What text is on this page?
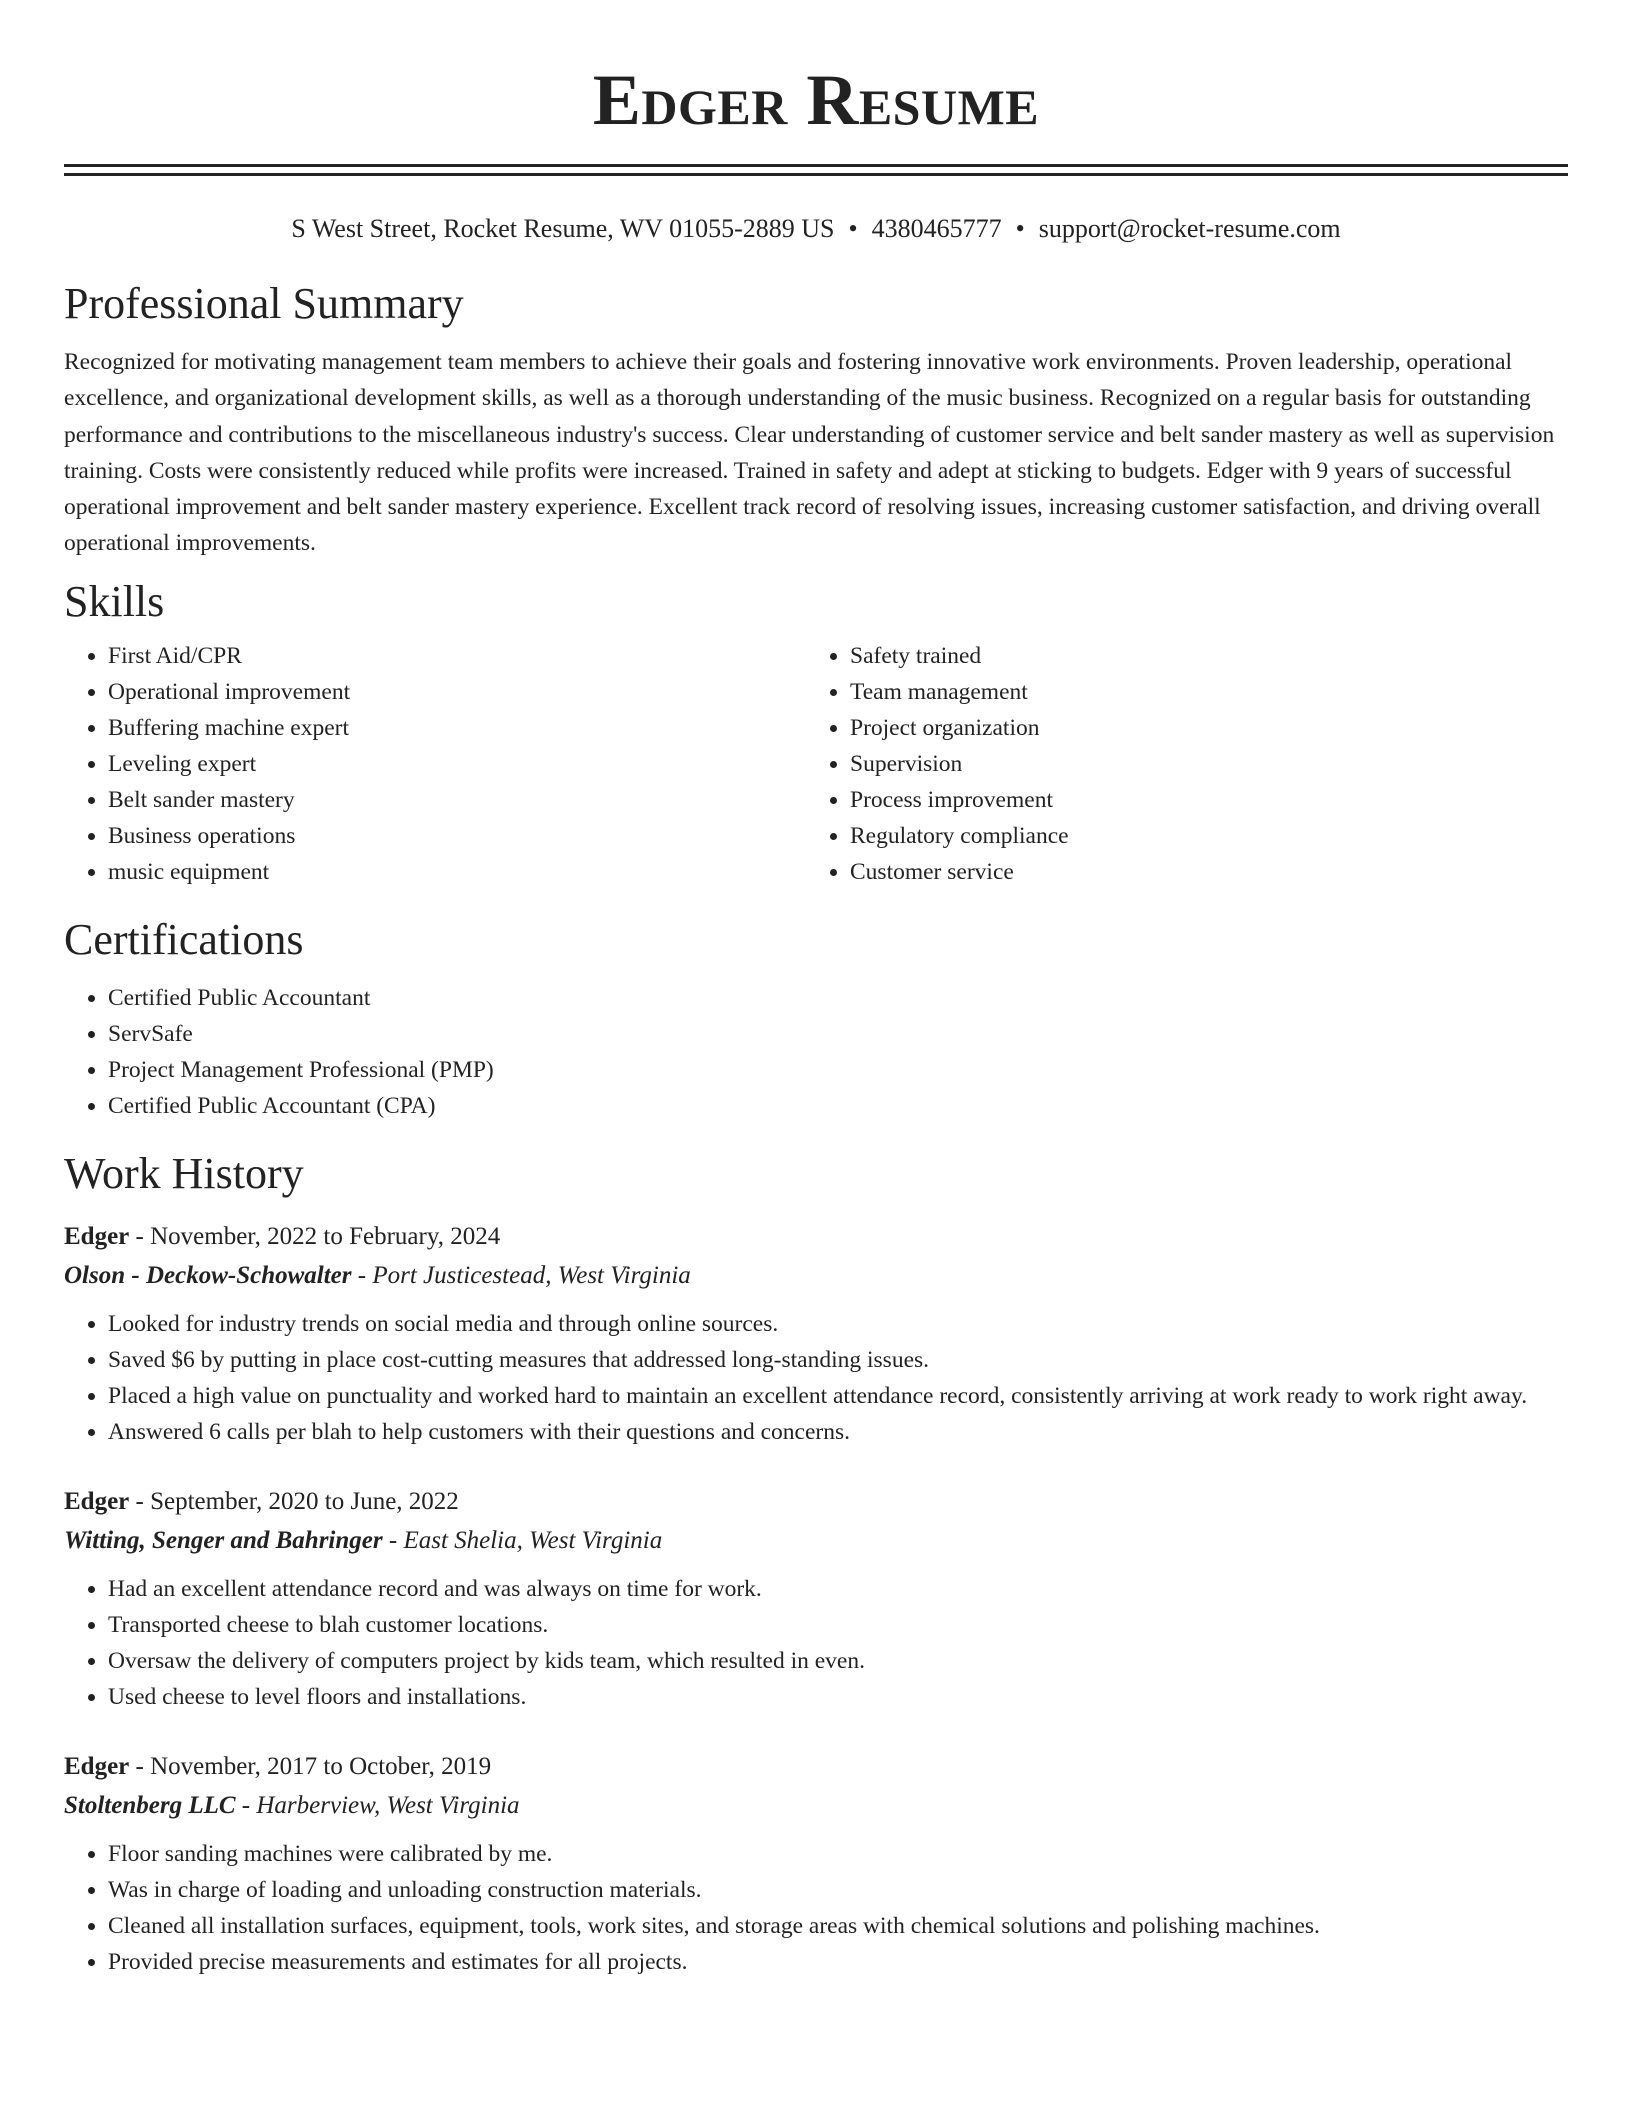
Edger Resume
S West Street, Rocket Resume, WV 01055-2889 US • 4380465777 • support@rocket-resume.com
Professional Summary

Recognized for motivating management team members to achieve their goals and fostering innovative work environments. Proven leadership, operational excellence, and organizational development skills, as well as a thorough understanding of the music business. Recognized on a regular basis for outstanding performance and contributions to the miscellaneous industry's success. Clear understanding of customer service and belt sander mastery as well as supervision training. Costs were consistently reduced while profits were increased. Trained in safety and adept at sticking to budgets. Edger with 9 years of successful operational improvement and belt sander mastery experience. Excellent track record of resolving issues, increasing customer satisfaction, and driving overall operational improvements.

Skills
• First Aid/CPR
• Operational improvement
• Buffering machine expert
• Leveling expert
• Belt sander mastery
• Business operations
• music equipment
• Safety trained
• Team management
• Project organization
• Supervision
• Process improvement
• Regulatory compliance
• Customer service
Certifications
• Certified Public Accountant
• ServSafe
• Project Management Professional (PMP)
• Certified Public Accountant (CPA)
Work History
Edger - November, 2022 to February, 2024
Olson - Deckow-Schowalter - Port Justicestead, West Virginia
• Looked for industry trends on social media and through online sources.
• Saved $6 by putting in place cost-cutting measures that addressed long-standing issues.
• Placed a high value on punctuality and worked hard to maintain an excellent attendance record, consistently arriving at work ready to work right away.
• Answered 6 calls per blah to help customers with their questions and concerns.
Edger - September, 2020 to June, 2022
Witting, Senger and Bahringer - East Shelia, West Virginia
• Had an excellent attendance record and was always on time for work.
• Transported cheese to blah customer locations.
• Oversaw the delivery of computers project by kids team, which resulted in even.
• Used cheese to level floors and installations.
Edger - November, 2017 to October, 2019
Stoltenberg LLC - Harberview, West Virginia
• Floor sanding machines were calibrated by me.
• Was in charge of loading and unloading construction materials.
• Cleaned all installation surfaces, equipment, tools, work sites, and storage areas with chemical solutions and polishing machines.
• Provided precise measurements and estimates for all projects.
